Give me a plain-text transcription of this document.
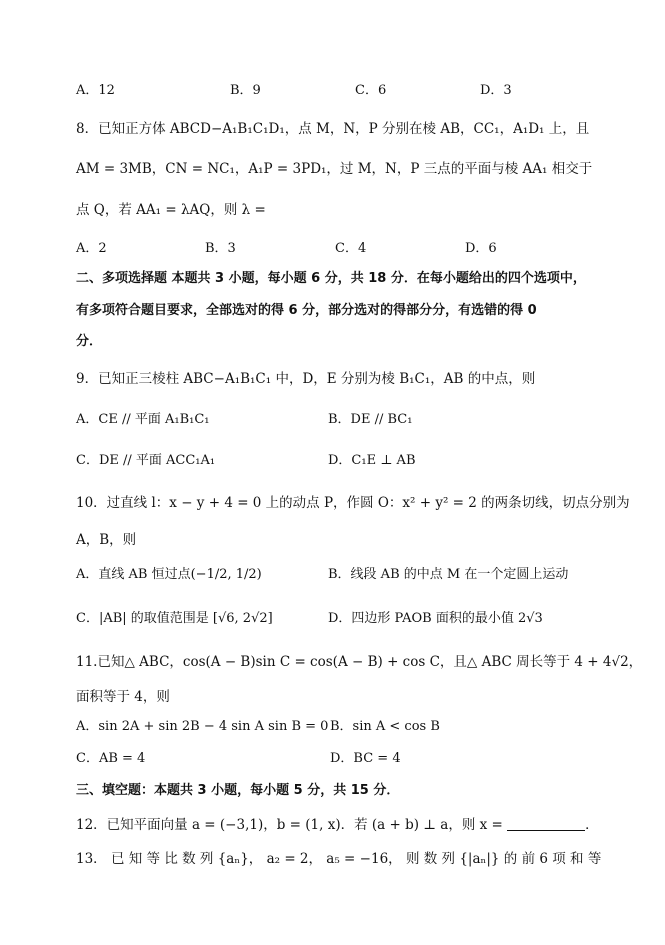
A．12	B．9	C．6	D．3
8．已知正方体 ABCD−A₁B₁C₁D₁，点 M，N，P 分别在棱 AB，CC₁，A₁D₁ 上，且
AM = 3MB，CN = NC₁，A₁P = 3PD₁，过 M，N，P 三点的平面与棱 AA₁ 相交于
点 Q，若 AA₁ = λAQ，则 λ =
A．2	B．3	C．4	D．6
二、多项选择题 本题共 3 小题，每小题 6 分，共 18 分．在每小题给出的四个选项中，
有多项符合题目要求，全部选对的得 6 分，部分选对的得部分分，有选错的得 0
分．
9．已知正三棱柱 ABC−A₁B₁C₁ 中，D，E 分别为棱 B₁C₁，AB 的中点，则
A．CE // 平面 A₁B₁C₁	B．DE // BC₁
C．DE // 平面 ACC₁A₁	D．C₁E ⊥ AB
10．过直线 l：x − y + 4 = 0 上的动点 P，作圆 O：x² + y² = 2 的两条切线，切点分别为
A，B，则
A．直线 AB 恒过点(−1/2, 1/2)	B．线段 AB 的中点 M 在一个定圆上运动
C．|AB| 的取值范围是 [√6, 2√2]	D．四边形 PAOB 面积的最小值 2√3
11.已知△ ABC，cos(A − B)sin C = cos(A − B) + cos C，且△ ABC 周长等于 4 + 4√2，
面积等于 4，则
A．sin 2A + sin 2B − 4 sin A sin B = 0 B．sin A < cos B
C．AB = 4	D．BC = 4
三、填空题：本题共 3 小题，每小题 5 分，共 15 分．
12．已知平面向量 a = (−3,1)，b = (1, x)．若 (a + b) ⊥ a，则 x =	．
13． 已 知 等 比 数 列 {aₙ}， a₂ = 2， a₅ = −16， 则 数 列 {|aₙ|} 的 前 6 项 和 等
